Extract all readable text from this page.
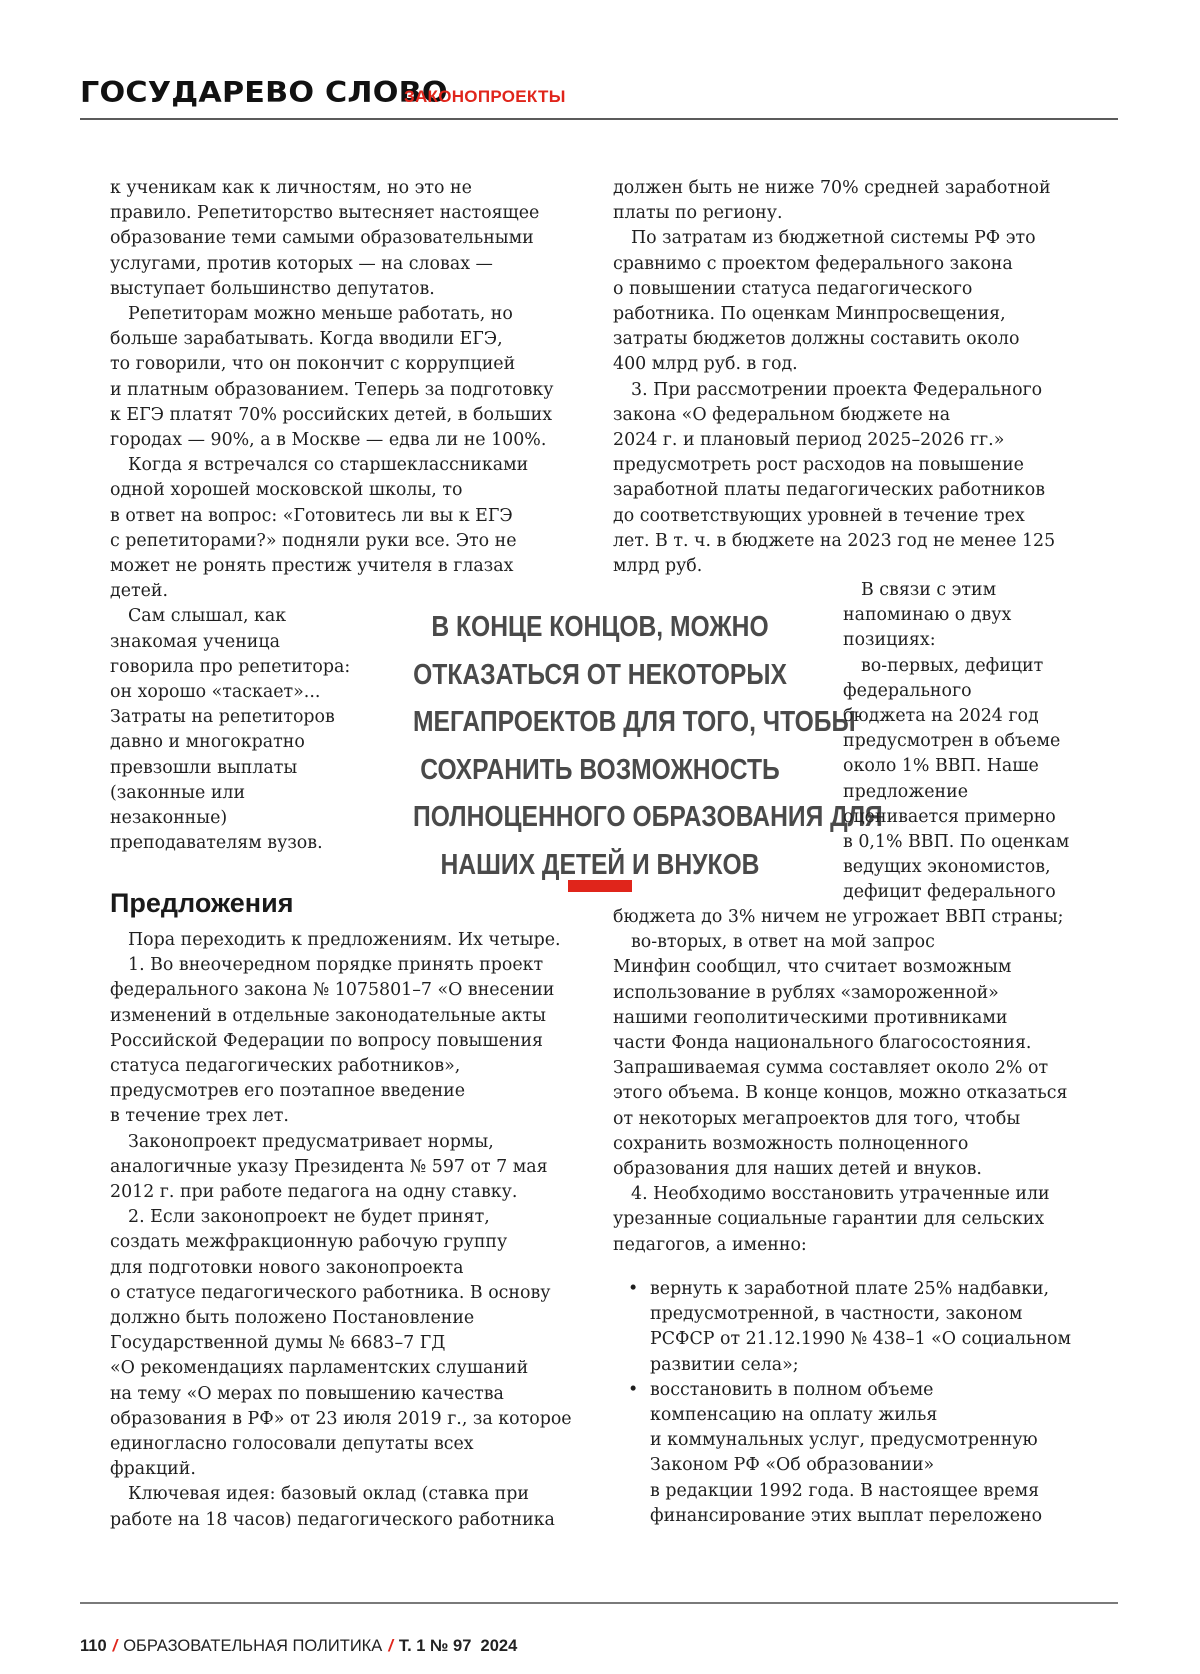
ГОСУДАРЕВО СЛОВО
ЗАКОНОПРОЕКТЫ

к ученикам как к личностям, но это не

правило. Репетиторство вытесняет настоящее

образование теми самыми образовательными

услугами, против которых — на словах —

выступает большинство депутатов.

Репетиторам можно меньше работать, но

больше зарабатывать. Когда вводили ЕГЭ,

то говорили, что он покончит с коррупцией

и платным образованием. Теперь за подготовку

к ЕГЭ платят 70% российских детей, в больших

городах — 90%, а в Москве — едва ли не 100%.

Когда я встречался со старшеклассниками

одной хорошей московской школы, то

в ответ на вопрос: «Готовитесь ли вы к ЕГЭ

с репетиторами?» подняли руки все. Это не

может не ронять престиж учителя в глазах

детей.

Сам слышал, как

знакомая ученица

говорила про репетитора:

он хорошо «таскает»...

Затраты на репетиторов

давно и многократно

превзошли выплаты

(законные или

незаконные)

преподавателям вузов.

В КОНЦЕ КОНЦОВ, МОЖНО
ОТКАЗАТЬСЯ ОТ НЕКОТОРЫХ
МЕГАПРОЕКТОВ ДЛЯ ТОГО, ЧТОБЫ
СОХРАНИТЬ ВОЗМОЖНОСТЬ
ПОЛНОЦЕННОГО ОБРАЗОВАНИЯ ДЛЯ
НАШИХ ДЕТЕЙ И ВНУКОВ
Предложения

Пора переходить к предложениям. Их четыре.

1. Во внеочередном порядке принять проект

федерального закона № 1075801–7 «О внесении

изменений в отдельные законодательные акты

Российской Федерации по вопросу повышения

статуса педагогических работников»,

предусмотрев его поэтапное введение

в течение трех лет.

Законопроект предусматривает нормы,

аналогичные указу Президента № 597 от 7 мая

2012 г. при работе педагога на одну ставку.

2. Если законопроект не будет принят,

создать межфракционную рабочую группу

для подготовки нового законопроекта

о статусе педагогического работника. В основу

должно быть положено Постановление

Государственной думы № 6683–7 ГД

«О рекомендациях парламентских слушаний

на тему «О мерах по повышению качества

образования в РФ» от 23 июля 2019 г., за которое

единогласно голосовали депутаты всех

фракций.

Ключевая идея: базовый оклад (ставка при

работе на 18 часов) педагогического работника

должен быть не ниже 70% средней заработной

платы по региону.

По затратам из бюджетной системы РФ это

сравнимо с проектом федерального закона

о повышении статуса педагогического

работника. По оценкам Минпросвещения,

затраты бюджетов должны составить около

400 млрд руб. в год.

3. При рассмотрении проекта Федерального

закона «О федеральном бюджете на

2024 г. и плановый период 2025–2026 гг.»

предусмотреть рост расходов на повышение

заработной платы педагогических работников

до соответствующих уровней в течение трех

лет. В т. ч. в бюджете на 2023 год не менее 125

млрд руб.

В связи с этим

напоминаю о двух

позициях:

во-первых, дефицит

федерального

бюджета на 2024 год

предусмотрен в объеме

около 1% ВВП. Наше

предложение

оценивается примерно

в 0,1% ВВП. По оценкам

ведущих экономистов,

дефицит федерального

бюджета до 3% ничем не угрожает ВВП страны;

во-вторых, в ответ на мой запрос

Минфин сообщил, что считает возможным

использование в рублях «замороженной»

нашими геополитическими противниками

части Фонда национального благосостояния.

Запрашиваемая сумма составляет около 2% от

этого объема. В конце концов, можно отказаться

от некоторых мегапроектов для того, чтобы

сохранить возможность полноценного

образования для наших детей и внуков.

4. Необходимо восстановить утраченные или

урезанные социальные гарантии для сельских

педагогов, а именно:

• вернуть к заработной плате 25% надбавки,

предусмотренной, в частности, законом

РСФСР от 21.12.1990 № 438–1 «О социальном

развитии села»;

• восстановить в полном объеме

компенсацию на оплату жилья

и коммунальных услуг, предусмотренную

Законом РФ «Об образовании»

в редакции 1992 года. В настоящее время

финансирование этих выплат переложено

110 / ОБРАЗОВАТЕЛЬНАЯ ПОЛИТИКА / Т. 1 № 97  2024
